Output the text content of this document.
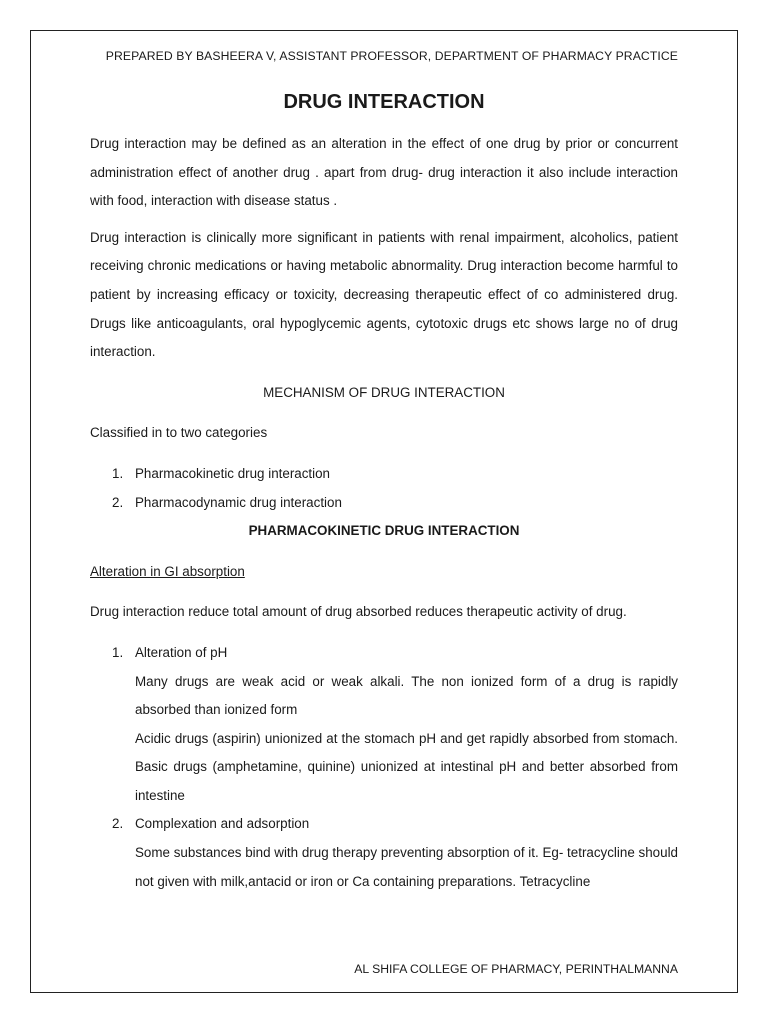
PREPARED BY BASHEERA V, ASSISTANT PROFESSOR, DEPARTMENT OF PHARMACY PRACTICE

DRUG INTERACTION

Drug interaction may be defined as an alteration in the effect of one drug by prior or concurrent administration effect of another drug . apart from drug- drug interaction it also include interaction with food, interaction with disease status .

Drug interaction is clinically more significant in patients with renal impairment, alcoholics, patient receiving chronic medications or having metabolic abnormality. Drug interaction become harmful to patient by increasing efficacy or toxicity, decreasing therapeutic effect of co administered drug. Drugs like anticoagulants, oral hypoglycemic agents, cytotoxic drugs etc shows large no of drug interaction.

MECHANISM OF DRUG INTERACTION

Classified in to two categories

1. Pharmacokinetic drug interaction
2. Pharmacodynamic drug interaction

PHARMACOKINETIC DRUG INTERACTION

Alteration in GI absorption

Drug interaction reduce total amount of drug absorbed reduces therapeutic activity of drug.

1. Alteration of pH

Many drugs are weak acid or weak alkali. The non ionized form of a drug is rapidly absorbed than ionized form

Acidic drugs (aspirin) unionized at the stomach pH and get rapidly absorbed from stomach. Basic drugs (amphetamine, quinine) unionized at intestinal pH and better absorbed from intestine

2. Complexation and adsorption

Some substances bind with drug therapy preventing absorption of it. Eg- tetracycline should not given with milk,antacid or iron or Ca containing preparations. Tetracycline

AL SHIFA COLLEGE OF PHARMACY, PERINTHALMANNA
